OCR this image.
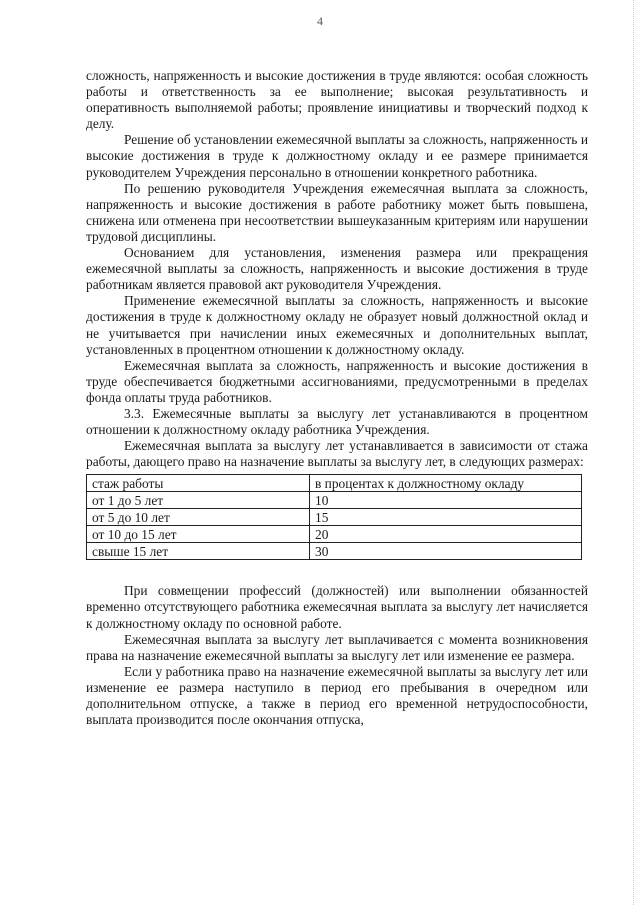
4

сложность, напряженность и высокие достижения в труде являются: особая сложность работы и ответственность за ее выполнение; высокая результативность и оперативность выполняемой работы; проявление инициативы и творческий подход к делу.

Решение об установлении ежемесячной выплаты за сложность, напряженность и высокие достижения в труде к должностному окладу и ее размере принимается руководителем Учреждения персонально в отношении конкретного работника.

По решению руководителя Учреждения ежемесячная выплата за сложность, напряженность и высокие достижения в работе работнику может быть повышена, снижена или отменена при несоответствии вышеуказанным критериям или нарушении трудовой дисциплины.

Основанием для установления, изменения размера или прекращения ежемесячной выплаты за сложность, напряженность и высокие достижения в труде работникам является правовой акт руководителя Учреждения.

Применение ежемесячной выплаты за сложность, напряженность и высокие достижения в труде к должностному окладу не образует новый должностной оклад и не учитывается при начислении иных ежемесячных и дополнительных выплат, установленных в процентном отношении к должностному окладу.

Ежемесячная выплата за сложность, напряженность и высокие достижения в труде обеспечивается бюджетными ассигнованиями, предусмотренными в пределах фонда оплаты труда работников.

3.3. Ежемесячные выплаты за выслугу лет устанавливаются в процентном отношении к должностному окладу работника Учреждения.

Ежемесячная выплата за выслугу лет устанавливается в зависимости от стажа работы, дающего право на назначение выплаты за выслугу лет, в следующих размерах:

стаж работы	в процентах к должностному окладу
от 1 до 5 лет	10
от 5 до 10 лет	15
от 10 до 15 лет	20
свыше 15 лет	30

При совмещении профессий (должностей) или выполнении обязанностей временно отсутствующего работника ежемесячная выплата за выслугу лет начисляется к должностному окладу по основной работе.

Ежемесячная выплата за выслугу лет выплачивается с момента возникновения права на назначение ежемесячной выплаты за выслугу лет или изменение ее размера.

Если у работника право на назначение ежемесячной выплаты за выслугу лет или изменение ее размера наступило в период его пребывания в очередном или дополнительном отпуске, а также в период его временной нетрудоспособности, выплата производится после окончания отпуска,
